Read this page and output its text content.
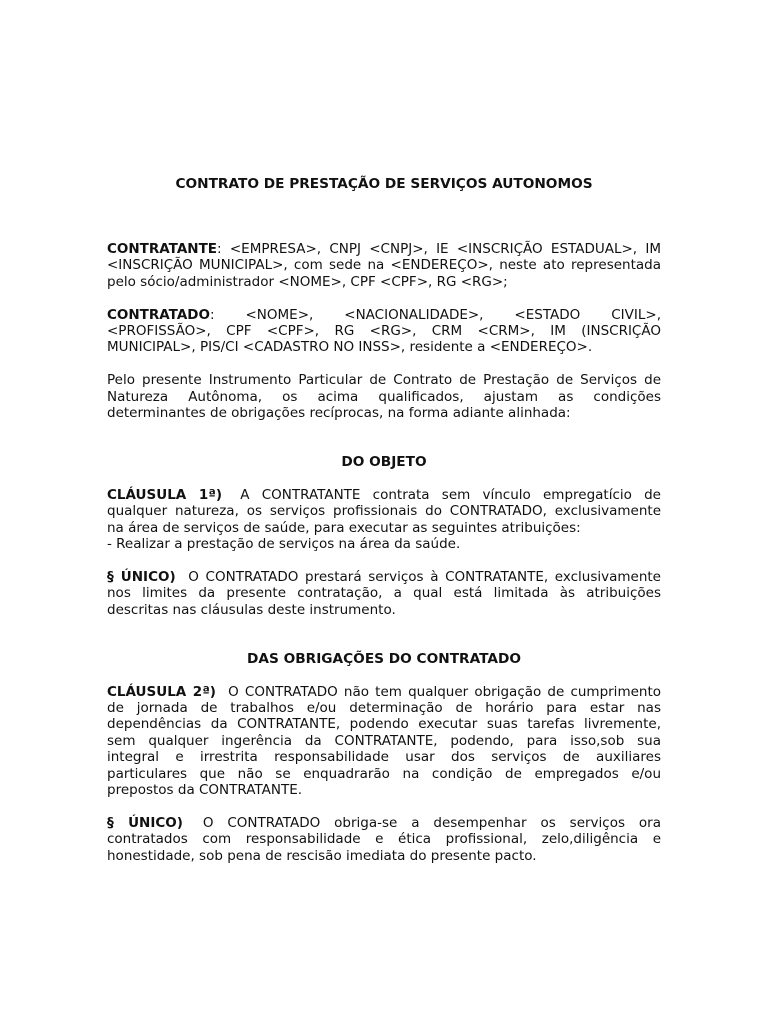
CONTRATO DE PRESTAÇÃO DE SERVIÇOS AUTONOMOS
CONTRATANTE: <EMPRESA>, CNPJ <CNPJ>, IE <INSCRIÇÃO ESTADUAL>, IM
<INSCRIÇÃO MUNICIPAL>, com sede na <ENDEREÇO>, neste ato representada
pelo sócio/administrador <NOME>, CPF <CPF>, RG <RG>;
CONTRATADO: <NOME>, <NACIONALIDADE>, <ESTADO CIVIL>,
<PROFISSÃO>, CPF <CPF>, RG <RG>, CRM <CRM>, IM (INSCRIÇÃO
MUNICIPAL>, PIS/CI <CADASTRO NO INSS>, residente a <ENDEREÇO>.
Pelo presente Instrumento Particular de Contrato de Prestação de Serviços de
Natureza Autônoma, os acima qualificados, ajustam as condições
determinantes de obrigações recíprocas, na forma adiante alinhada:
DO OBJETO
CLÁUSULA 1ª) A CONTRATANTE contrata sem vínculo empregatício de
qualquer natureza, os serviços profissionais do CONTRATADO, exclusivamente
na área de serviços de saúde, para executar as seguintes atribuições:
- Realizar a prestação de serviços na área da saúde.
§ ÚNICO) O CONTRATADO prestará serviços à CONTRATANTE, exclusivamente
nos limites da presente contratação, a qual está limitada às atribuições
descritas nas cláusulas deste instrumento.
DAS OBRIGAÇÕES DO CONTRATADO
CLÁUSULA 2ª) O CONTRATADO não tem qualquer obrigação de cumprimento
de jornada de trabalhos e/ou determinação de horário para estar nas
dependências da CONTRATANTE, podendo executar suas tarefas livremente,
sem qualquer ingerência da CONTRATANTE, podendo, para isso,sob sua
integral e irrestrita responsabilidade usar dos serviços de auxiliares
particulares que não se enquadrarão na condição de empregados e/ou
prepostos da CONTRATANTE.
§ ÚNICO) O CONTRATADO obriga-se a desempenhar os serviços ora
contratados com responsabilidade e ética profissional, zelo,diligência e
honestidade, sob pena de rescisão imediata do presente pacto.
